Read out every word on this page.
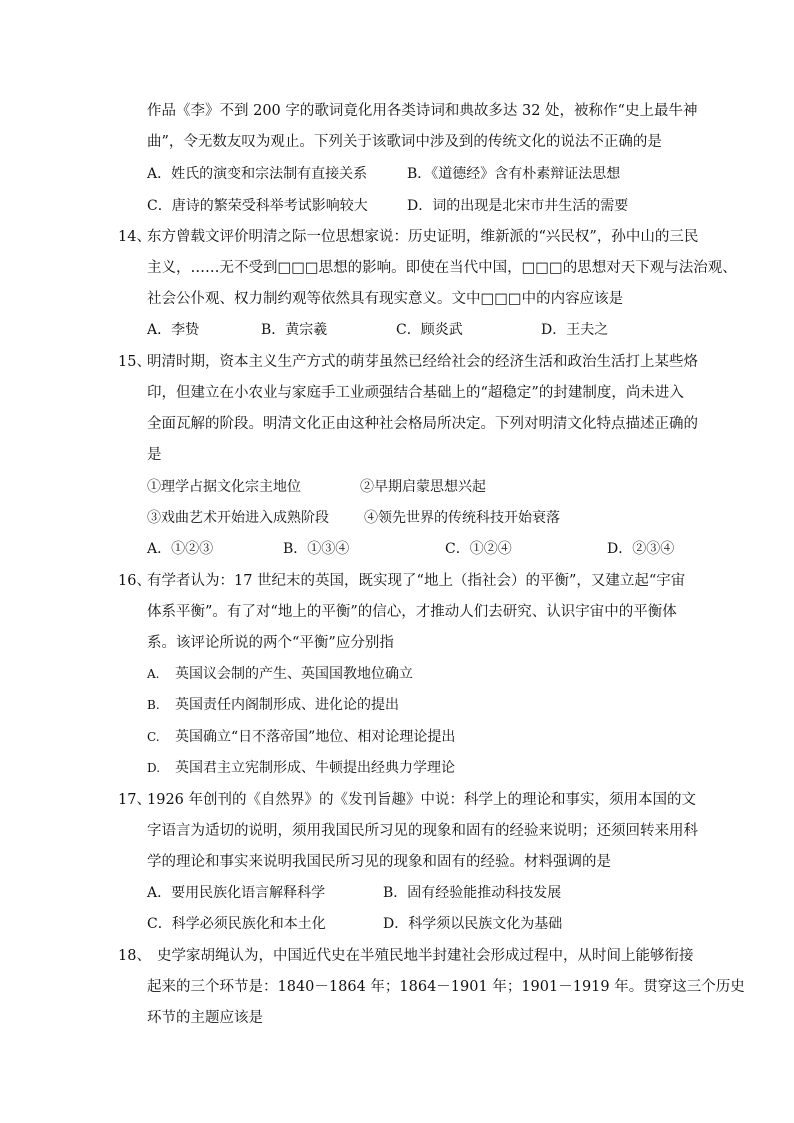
作品《李》不到 200 字的歌词竟化用各类诗词和典故多达 32 处，被称作“史上最牛神
曲”，令无数友叹为观止。下列关于该歌词中涉及到的传统文化的说法不正确的是
A．姓氏的演变和宗法制有直接关系	B．《道德经》含有朴素辩证法思想
C．唐诗的繁荣受科举考试影响较大	D．词的出现是北宋市井生活的需要
14、
东方曾载文评价明清之际一位思想家说：历史证明，维新派的“兴民权”，孙中山的三民
主义，……无不受到□□□思想的影响。即使在当代中国，□□□的思想对天下观与法治观、
社会公仆观、权力制约观等依然具有现实意义。文中□□□中的内容应该是
A．李贽	B．黄宗羲	C．顾炎武	D．王夫之
15、
明清时期，资本主义生产方式的萌芽虽然已经给社会的经济生活和政治生活打上某些烙
印，但建立在小农业与家庭手工业顽强结合基础上的“超稳定”的封建制度，尚未进入
全面瓦解的阶段。明清文化正由这种社会格局所决定。下列对明清文化特点描述正确的
是
①理学占据文化宗主地位	②早期启蒙思想兴起
③戏曲艺术开始进入成熟阶段	④领先世界的传统科技开始衰落
A．①②③	B．①③④	C．①②④	D．②③④
16、
有学者认为：17 世纪末的英国，既实现了“地上（指社会）的平衡”，又建立起“宇宙
体系平衡”。有了对“地上的平衡”的信心，才推动人们去研究、认识宇宙中的平衡体
系。该评论所说的两个“平衡”应分别指
A. 英国议会制的产生、英国国教地位确立
B. 英国责任内阁制形成、进化论的提出
C. 英国确立“日不落帝国”地位、相对论理论提出
D. 英国君主立宪制形成、牛顿提出经典力学理论
17、
1926 年创刊的《自然界》的《发刊旨趣》中说：科学上的理论和事实，须用本国的文
字语言为适切的说明，须用我国民所习见的现象和固有的经验来说明；还须回转来用科
学的理论和事实来说明我国民所习见的现象和固有的经验。材料强调的是
A．要用民族化语言解释科学	B．固有经验能推动科技发展
C．科学必须民族化和本土化	D．科学须以民族文化为基础
18、 史学家胡绳认为，中国近代史在半殖民地半封建社会形成过程中，从时间上能够衔接
起来的三个环节是：1840－1864 年；1864－1901 年；1901－1919 年。贯穿这三个历史
环节的主题应该是
